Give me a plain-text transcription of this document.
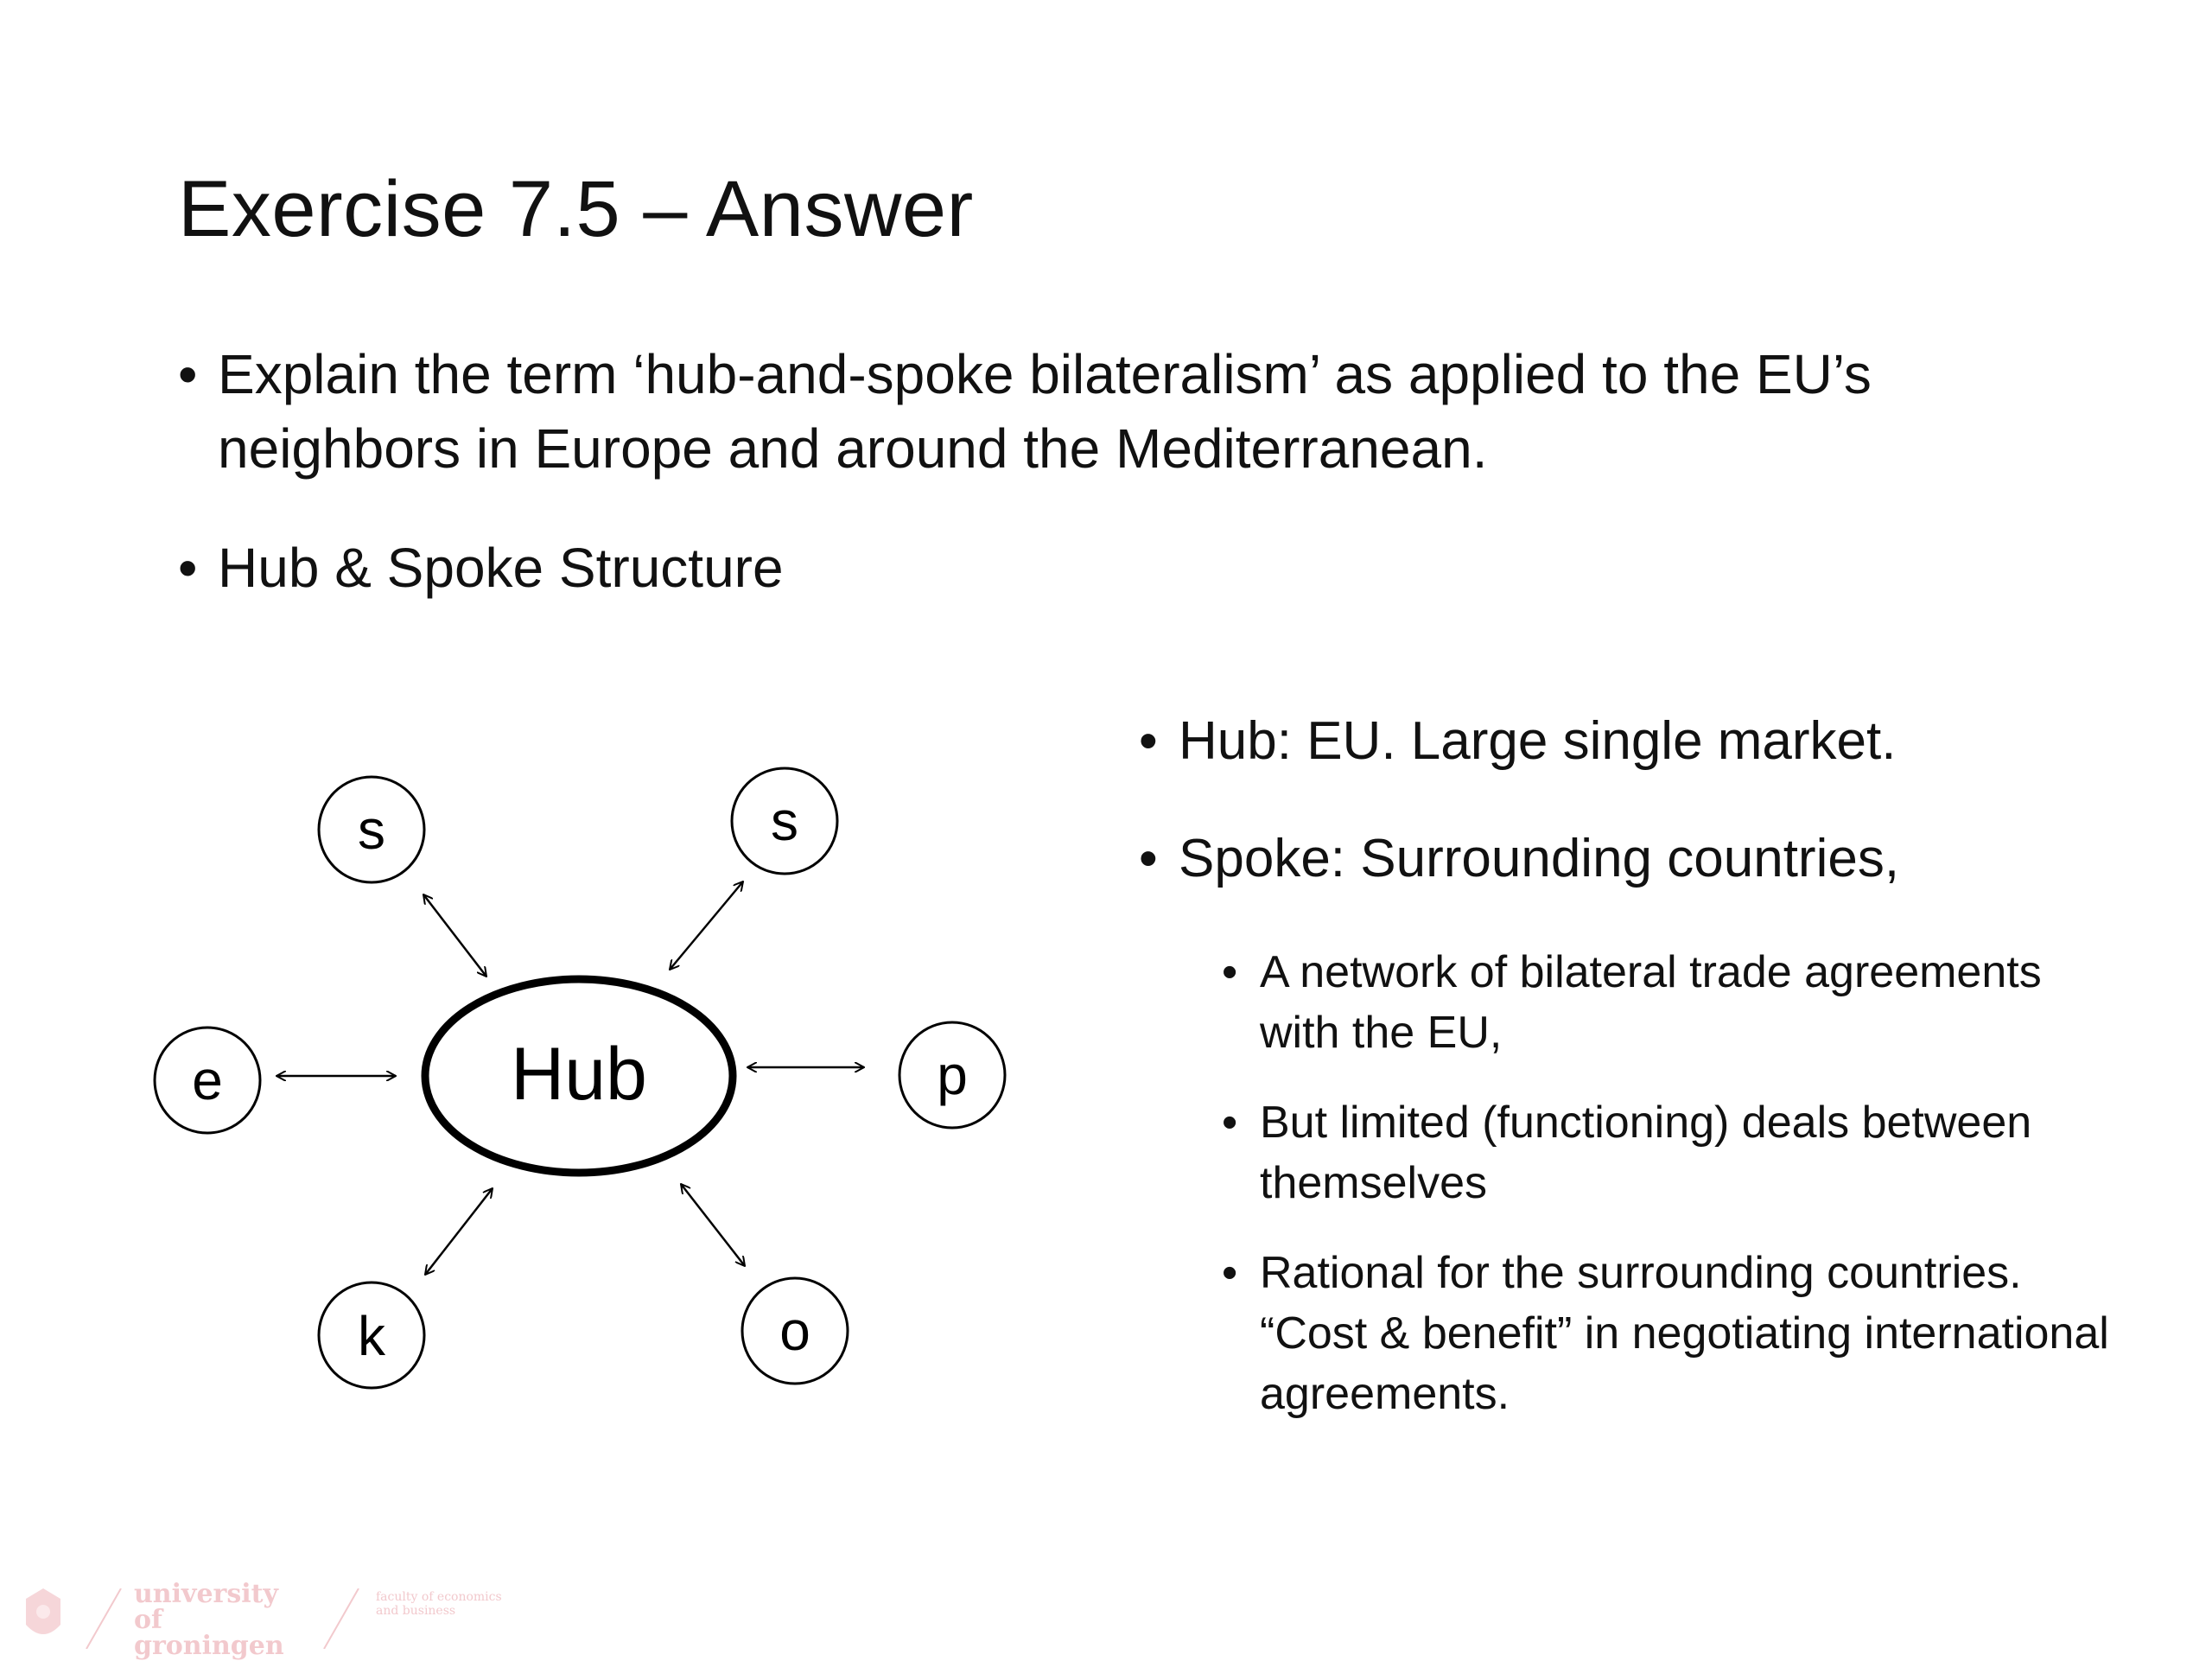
Exercise 7.5 – Answer
• Explain the term ‘hub-and-spoke bilateralism’ as applied to the EU’s neighbors in Europe and around the Mediterranean.
• Hub & Spoke Structure
Hub
s	s
e	p
k	o
• Hub: EU. Large single market.
• Spoke: Surrounding countries,
• A network of bilateral trade agreements with the EU,
• But limited (functioning) deals between themselves
• Rational for the surrounding countries. “Cost & benefit” in negotiating international agreements.
university of groningen
faculty of economics and business
